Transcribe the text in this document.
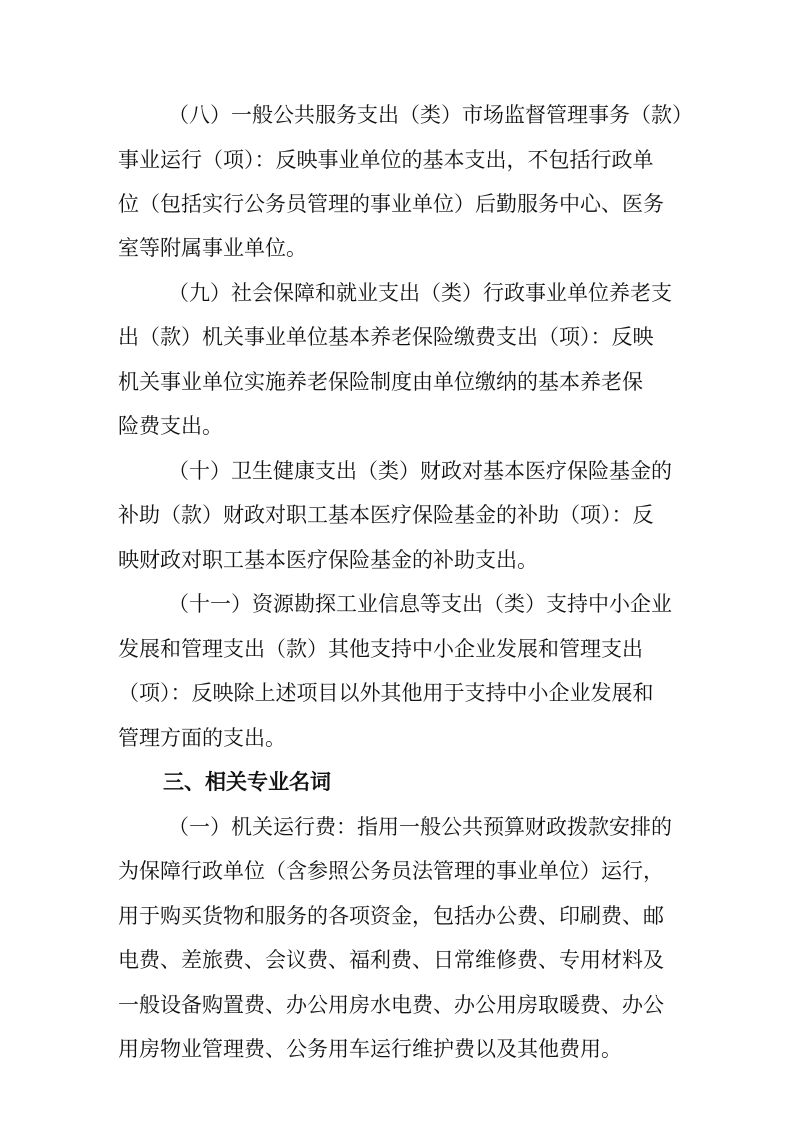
（八）一般公共服务支出（类）市场监督管理事务（款）
事业运行（项）：反映事业单位的基本支出，不包括行政单
位（包括实行公务员管理的事业单位）后勤服务中心、医务
室等附属事业单位。
（九）社会保障和就业支出（类）行政事业单位养老支
出（款）机关事业单位基本养老保险缴费支出（项）：反映
机关事业单位实施养老保险制度由单位缴纳的基本养老保
险费支出。
（十）卫生健康支出（类）财政对基本医疗保险基金的
补助（款）财政对职工基本医疗保险基金的补助（项）：反
映财政对职工基本医疗保险基金的补助支出。
（十一）资源勘探工业信息等支出（类）支持中小企业
发展和管理支出（款）其他支持中小企业发展和管理支出
（项）：反映除上述项目以外其他用于支持中小企业发展和
管理方面的支出。
三、相关专业名词
（一）机关运行费：指用一般公共预算财政拨款安排的
为保障行政单位（含参照公务员法管理的事业单位）运行，
用于购买货物和服务的各项资金，包括办公费、印刷费、邮
电费、差旅费、会议费、福利费、日常维修费、专用材料及
一般设备购置费、办公用房水电费、办公用房取暖费、办公
用房物业管理费、公务用车运行维护费以及其他费用。
